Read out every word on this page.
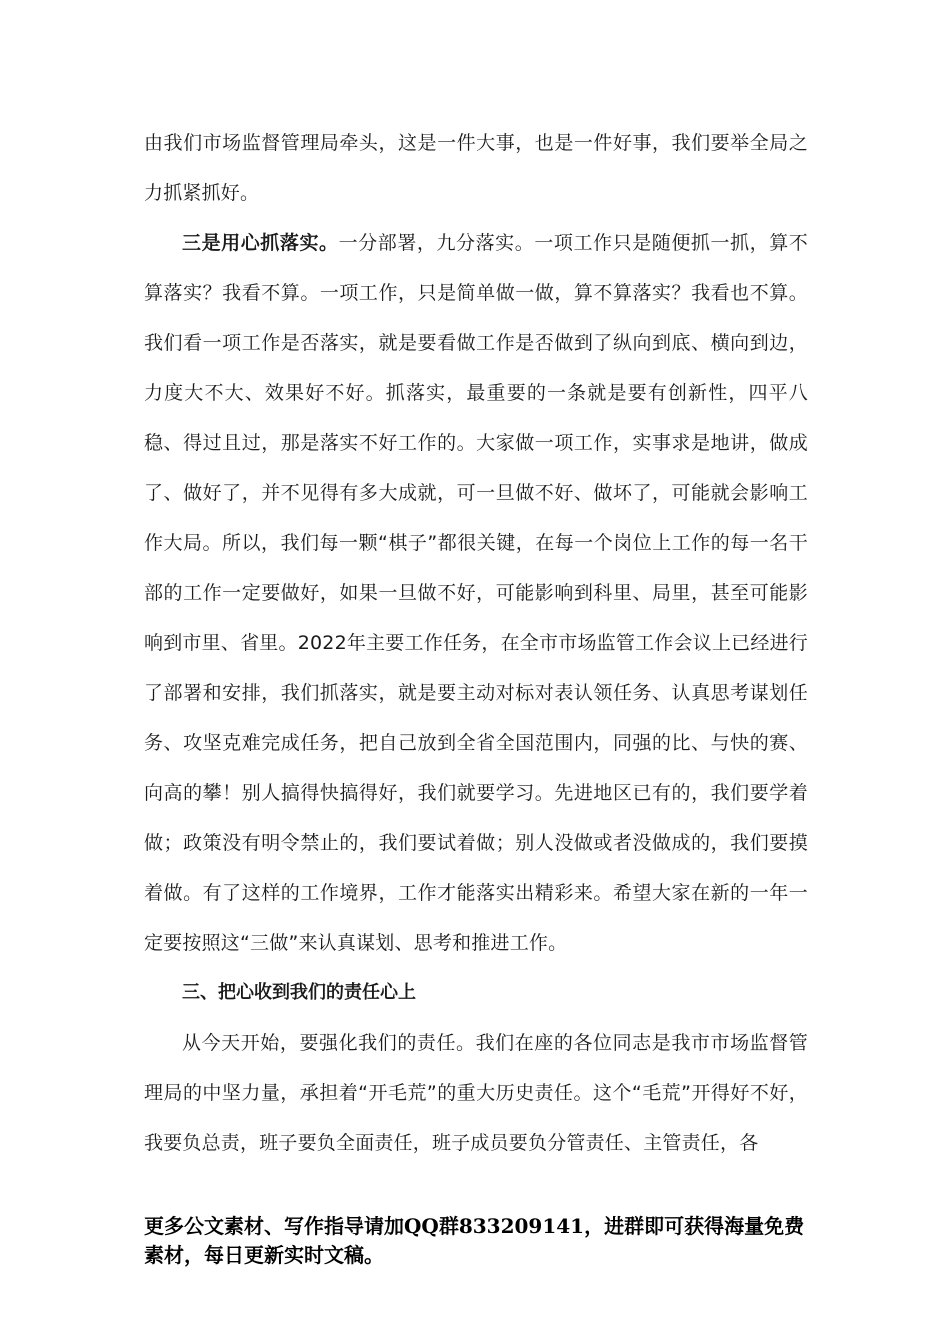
由我们市场监督管理局牵头，这是一件大事，也是一件好事，我们要举全局之力抓紧抓好。

三是用心抓落实。一分部署，九分落实。一项工作只是随便抓一抓，算不算落实？我看不算。一项工作，只是简单做一做，算不算落实？我看也不算。我们看一项工作是否落实，就是要看做工作是否做到了纵向到底、横向到边，力度大不大、效果好不好。抓落实，最重要的一条就是要有创新性，四平八稳、得过且过，那是落实不好工作的。大家做一项工作，实事求是地讲，做成了、做好了，并不见得有多大成就，可一旦做不好、做坏了，可能就会影响工作大局。所以，我们每一颗“棋子”都很关键，在每一个岗位上工作的每一名干部的工作一定要做好，如果一旦做不好，可能影响到科里、局里，甚至可能影响到市里、省里。2022年主要工作任务，在全市市场监管工作会议上已经进行了部署和安排，我们抓落实，就是要主动对标对表认领任务、认真思考谋划任务、攻坚克难完成任务，把自己放到全省全国范围内，同强的比、与快的赛、向高的攀！别人搞得快搞得好，我们就要学习。先进地区已有的，我们要学着做；政策没有明令禁止的，我们要试着做；别人没做或者没做成的，我们要摸着做。有了这样的工作境界，工作才能落实出精彩来。希望大家在新的一年一定要按照这“三做”来认真谋划、思考和推进工作。

三、把心收到我们的责任心上

从今天开始，要强化我们的责任。我们在座的各位同志是我市市场监督管理局的中坚力量，承担着“开毛荒”的重大历史责任。这个“毛荒”开得好不好，我要负总责，班子要负全面责任，班子成员要负分管责任、主管责任，各

更多公文素材、写作指导请加QQ群833209141，进群即可获得海量免费素材，每日更新实时文稿。
